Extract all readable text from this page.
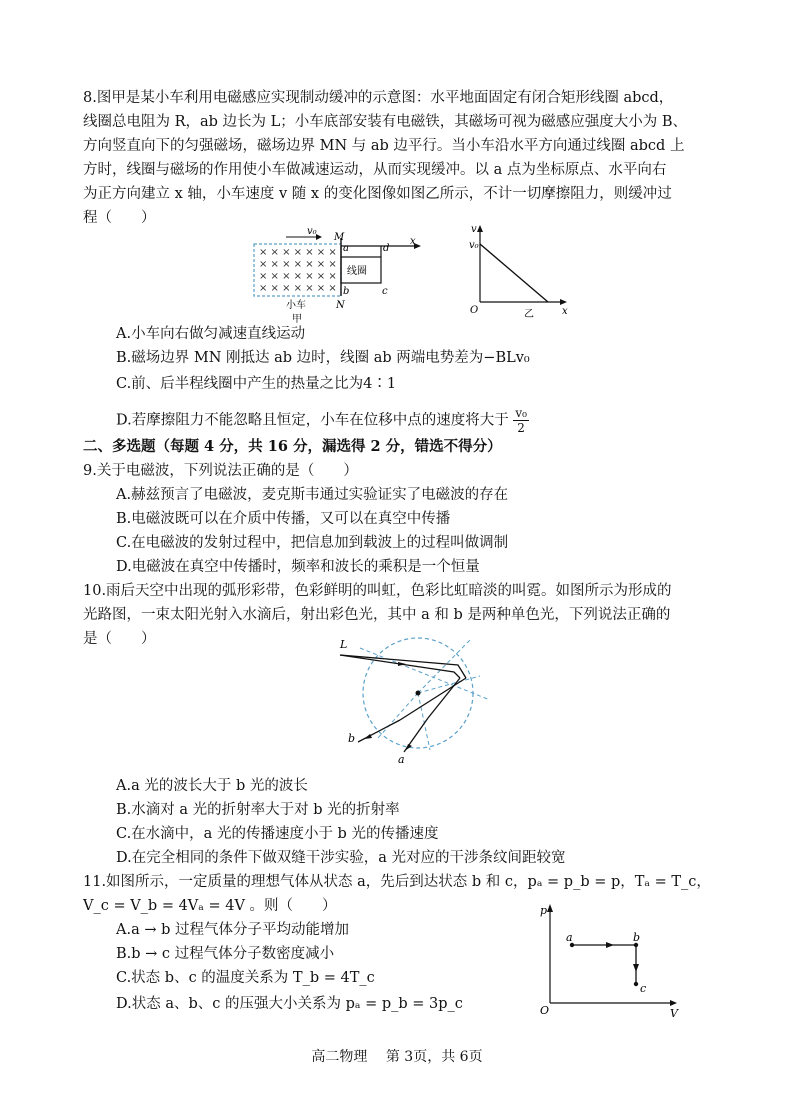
8.图甲是某小车利用电磁感应实现制动缓冲的示意图：水平地面固定有闭合矩形线圈 abcd，
线圈总电阻为 R，ab 边长为 L；小车底部安装有电磁铁，其磁场可视为磁感应强度大小为 B、
方向竖直向下的匀强磁场，磁场边界 MN 与 ab 边平行。当小车沿水平方向通过线圈 abcd 上
方时，线圈与磁场的作用使小车做减速运动，从而实现缓冲。以 a 点为坐标原点、水平向右
为正方向建立 x 轴，小车速度 v 随 x 的变化图像如图乙所示，不计一切摩擦阻力，则缓冲过
程（　　）
× × × × × × ×
× × × × × × ×
× × × × × × ×
× × × × × × ×
v₀
M
a	d
x
线圈
b	c
小车	N
甲
v
v₀
O	x
乙
A.小车向右做匀减速直线运动
B.磁场边界 MN 刚抵达 ab 边时，线圈 ab 两端电势差为−BLv₀
C.前、后半程线圈中产生的热量之比为4∶1
D.若摩擦阻力不能忽略且恒定，小车在位移中点的速度将大于 $\frac{\text{v₀}}{2}$
二、多选题（每题 4 分，共 16 分，漏选得 2 分，错选不得分）
9.关于电磁波，下列说法正确的是（　　）
A.赫兹预言了电磁波，麦克斯韦通过实验证实了电磁波的存在
B.电磁波既可以在介质中传播，又可以在真空中传播
C.在电磁波的发射过程中，把信息加到载波上的过程叫做调制
D.电磁波在真空中传播时，频率和波长的乘积是一个恒量
10.雨后天空中出现的弧形彩带，色彩鲜明的叫虹，色彩比虹暗淡的叫霓。如图所示为形成的
光路图，一束太阳光射入水滴后，射出彩色光，其中 a 和 b 是两种单色光，下列说法正确的
是（　　）	L
b
a
A.a 光的波长大于 b 光的波长
B.水滴对 a 光的折射率大于对 b 光的折射率
C.在水滴中，a 光的传播速度小于 b 光的传播速度
D.在完全相同的条件下做双缝干涉实验，a 光对应的干涉条纹间距较宽
11.如图所示，一定质量的理想气体从状态 a，先后到达状态 b 和 c，pₐ = p_b = p，Tₐ = T_c，
V_c = V_b = 4Vₐ = 4V 。则（　　）
A.a → b 过程气体分子平均动能增加
B.b → c 过程气体分子数密度减小
C.状态 b、c 的温度关系为 T_b = 4T_c
D.状态 a、b、c 的压强大小关系为 pₐ = p_b = 3p_c
p
V
O
a	b
c
高二物理　 第 3页，共 6页
